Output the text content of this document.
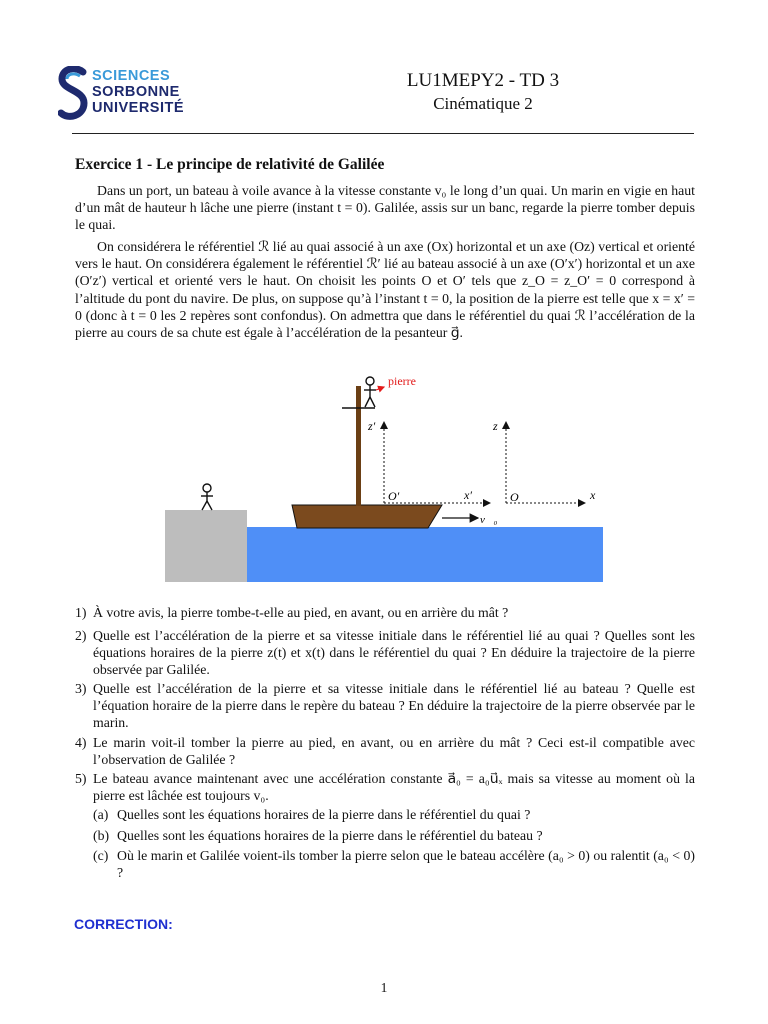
SCIENCES
SORBONNE
UNIVERSITÉ
LU1MEPY2 - TD 3
Cinématique 2
Exercice 1 - Le principe de relativité de Galilée
Dans un port, un bateau à voile avance à la vitesse constante v₀ le long d’un quai. Un marin en vigie en haut d’un mât de hauteur h lâche une pierre (instant t = 0). Galilée, assis sur un banc, regarde la pierre tomber depuis le quai.
On considérera le référentiel ℛ lié au quai associé à un axe (Ox) horizontal et un axe (Oz) vertical et orienté vers le haut. On considérera également le référentiel ℛ′ lié au bateau associé à un axe (O′x′) horizontal et un axe (O′z′) vertical et orienté vers le haut. On choisit les points O et O′ tels que z_O = z_O′ = 0 correspond à l’altitude du pont du navire. De plus, on suppose qu’à l’instant t = 0, la position de la pierre est telle que x = x′ = 0 (donc à t = 0 les 2 repères sont confondus). On admettra que dans le référentiel du quai ℛ l’accélération de la pierre au cours de sa chute est égale à l’accélération de la pesanteur g⃗.
pierre
z′
O′	x′
v⃗₀
z
O	x
1) À votre avis, la pierre tombe-t-elle au pied, en avant, ou en arrière du mât ?
2) Quelle est l’accélération de la pierre et sa vitesse initiale dans le référentiel lié au quai ? Quelles sont les équations horaires de la pierre z(t) et x(t) dans le référentiel du quai ? En déduire la trajectoire de la pierre observée par Galilée.
3) Quelle est l’accélération de la pierre et sa vitesse initiale dans le référentiel lié au bateau ? Quelle est l’équation horaire de la pierre dans le repère du bateau ? En déduire la trajectoire de la pierre observée par le marin.
4) Le marin voit-il tomber la pierre au pied, en avant, ou en arrière du mât ? Ceci est-il compatible avec l’observation de Galilée ?
5) Le bateau avance maintenant avec une accélération constante a⃗₀ = a₀u⃗ₓ mais sa vitesse au moment où la pierre est lâchée est toujours v₀.
(a) Quelles sont les équations horaires de la pierre dans le référentiel du quai ?
(b) Quelles sont les équations horaires de la pierre dans le référentiel du bateau ?
(c) Où le marin et Galilée voient-ils tomber la pierre selon que le bateau accélère (a₀ > 0) ou ralentit (a₀ < 0) ?
CORRECTION:
1
